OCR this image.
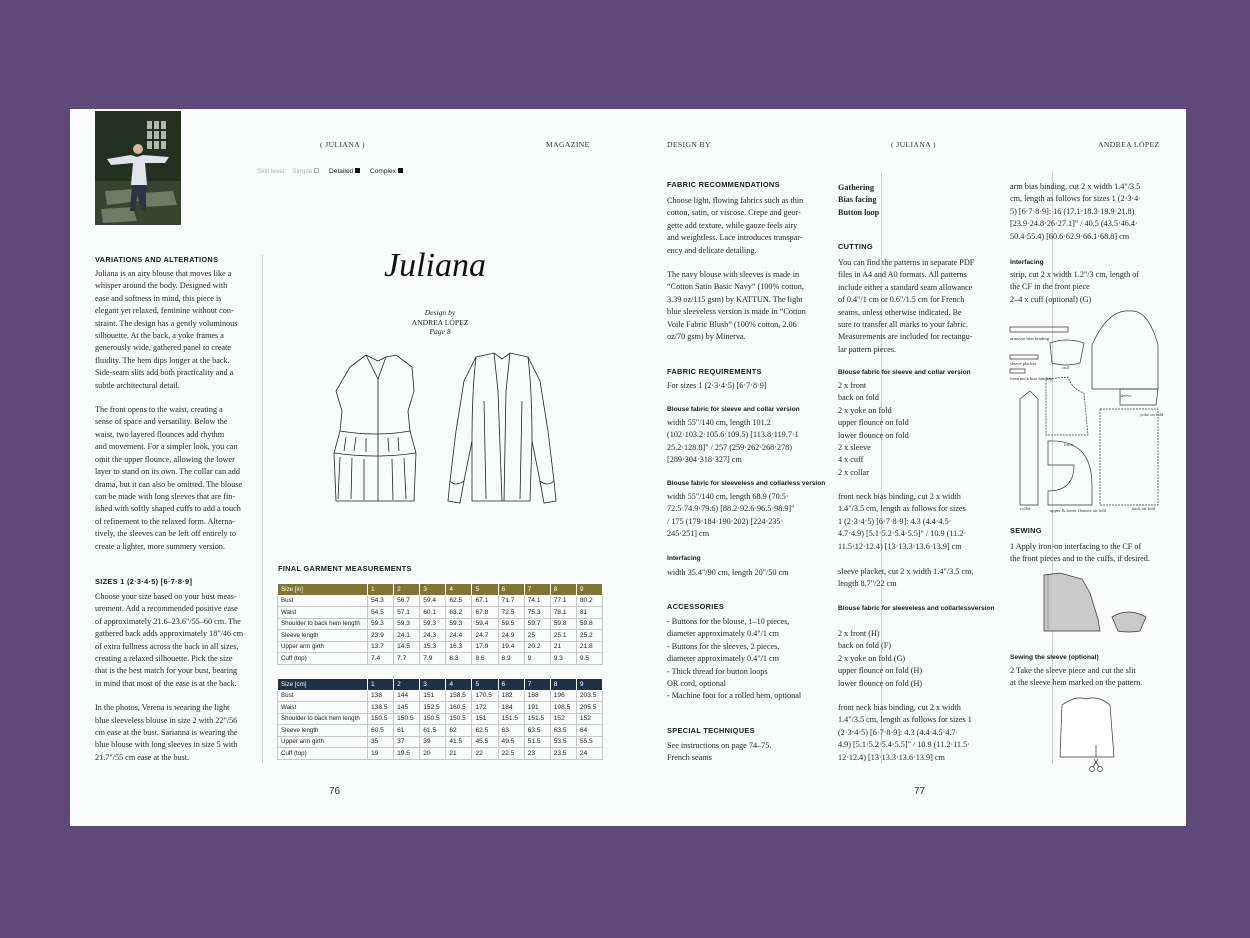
( JULIANA )	MAGAZINE
Skill level: Simple	Detailed	Complex
VARIATIONS AND ALTERATIONS
Juliana is an airy blouse that moves like a
whisper around the body. Designed with
ease and softness in mind, this piece is
elegant yet relaxed, feminine without con-
straint. The design has a gently voluminous
silhouette. At the back, a yoke frames a
generously wide, gathered panel to create
fluidity. The hem dips longer at the back.
Side-seam slits add both practicality and a
subtle architectural detail.
The front opens to the waist, creating a
sense of space and versatility. Below the
waist, two layered flounces add rhythm
and movement. For a simpler look, you can
omit the upper flounce, allowing the lower
layer to stand on its own. The collar can add
drama, but it can also be omitted. The blouse
can be made with long sleeves that are fin-
ished with softly shaped cuffs to add a touch
of refinement to the relaxed form. Alterna-
tively, the sleeves can be left off entirely to
create a lighter, more summery version.
SIZES 1 (2·3·4·5) [6·7·8·9]
Choose your size based on your bust meas-
urement. Add a recommended positive ease
of approximately 21.6–23.6"/55–60 cm. The
gathered back adds approximately 18"/46 cm
of extra fullness across the back in all sizes,
creating a relaxed silhouette. Pick the size
that is the best match for your bust, bearing
in mind that most of the ease is at the back.
In the photos, Verena is wearing the light
blue sleeveless blouse in size 2 with 22"/56
cm ease at the bust. Sarianna is wearing the
blue blouse with long sleeves in size 5 with
21.7"/55 cm ease at the bust.
Juliana
Design by
ANDREA LÓPEZ
Page 8
FINAL GARMENT MEASUREMENTS
Size [in]	1	2	3	4	5	6	7	8	9
Bust	54.3	56.7	59.4	62.5	67.1	71.7	74.1	77.1	80.2
Waist	54.5	57.1	60.1	63.2	67.8	72.5	75.3	78.1	81
Shoulder to back hem length	59.3	59.3	59.3	59.3	59.4	59.5	59.7	59.8	59.8
Sleeve length	23.9	24.1	24.3	24.4	24.7	24.9	25	25.1	25.2
Upper arm girth	13.7	14.5	15.3	16.3	17.9	19.4	20.2	21	21.8
Cuff (top)	7.4	7.7	7.9	8.3	8.6	8.9	9	9.3	9.5
Size [cm]	1	2	3	4	5	6	7	8	9
Bust	138	144	151	158.5	170.5	182	188	196	203.5
Waist	138.5	145	152.5	160.5	172	184	191	198.5	205.5
Shoulder to back hem length	150.5	150.5	150.5	150.5	151	151.5	151.5	152	152
Sleeve length	60.5	61	61.5	62	62.5	63	63.5	63.5	64
Upper arm girth	35	37	39	41.5	45.5	49.5	51.5	53.5	55.5
Cuff (top)	19	19.5	20	21	22	22.5	23	23.5	24
76
DESIGN BY	( JULIANA )	ANDREA LÓPEZ
FABRIC RECOMMENDATIONS
Choose light, flowing fabrics such as thin
cotton, satin, or viscose. Crepe and geor-
gette add texture, while gauze feels airy
and weightless. Lace introduces transpar-
ency and delicate detailing.
The navy blouse with sleeves is made in
“Cotton Satin Basic Navy” (100% cotton,
3.39 oz/115 gsm) by KATTUN. The light
blue sleeveless version is made in “Cotton
Voile Fabric Blush” (100% cotton, 2.06
oz/70 gsm) by Minerva.
FABRIC REQUIREMENTS
For sizes 1 (2·3·4·5) [6·7·8·9]
Blouse fabric for sleeve and collar version
width 55"/140 cm, length 101.2
(102·103.2·105.6·109.5) [113.8·119.7·1
25.2·128.8]" / 257 (259·262·268·278)
[289·304·318·327] cm
Blouse fabric for sleeveless and collarless version
width 55"/140 cm, length 68.9 (70.5·
72.5·74.9·79.6) [88.2·92.6·96.5·98.9]"
/ 175 (179·184·190·202) [224·235·
245·251] cm
Interfacing
width 35.4"/90 cm, length 20"/50 cm
ACCESSORIES
- Buttons for the blouse, 1–10 pieces,
diameter approximately 0.4"/1 cm
- Buttons for the sleeves, 2 pieces,
diameter approximately 0.4"/1 cm
- Thick thread for button loops
OR cord, optional
- Machine foot for a rolled hem, optional
SPECIAL TECHNIQUES
See instructions on page 74–75.
French seams
Gathering
Bias facing
Button loop
CUTTING
You can find the patterns in separate PDF
files in A4 and A0 formats. All patterns
include either a standard seam allowance
of 0.4"/1 cm or 0.6"/1.5 cm for French
seams, unless otherwise indicated. Be
sure to transfer all marks to your fabric.
Measurements are included for rectangu-
lar pattern pieces.
Blouse fabric for sleeve and collar version
2 x front
back on fold
2 x yoke on fold
upper flounce on fold
lower flounce on fold
2 x sleeve
4 x cuff
2 x collar
front neck bias binding, cut 2 x width
1.4"/3.5 cm, length as follows for sizes
1 (2·3·4·5) [6·7·8·9]: 4.3 (4.4·4.5·
4.7·4.9) [5.1·5.2·5.4·5.5]" / 10.9 (11.2·
11.5·12·12.4) [13·13.3·13.6·13.9] cm
sleeve placket, cut 2 x width 1.4"/3.5 cm,
length 8.7"/22 cm
Blouse fabric for sleeveless and collarlessversion
2 x front (H)
back on fold (F)
2 x yoke on fold (G)
upper flounce on fold (H)
lower flounce on fold (H)
front neck bias binding, cut 2 x width
1.4"/3.5 cm, length as follows for sizes 1
(2·3·4·5) [6·7·8·9]: 4.3 (4.4·4.5·4.7·
4.9) [5.1·5.2·5.4·5.5]" / 10.9 (11.2·11.5·
12·12.4) [13·13.3·13.6·13.9] cm
arm bias binding, cut 2 x width 1.4"/3.5
cm, length as follows for sizes 1 (2·3·4·
5) [6·7·8·9]: 16 (17.1·18.3·19.9·21.8)
[23.9·24.8·26·27.1]" / 40.5 (43.5·46.4·
50.4·55.4) [60.6·62.9·66.1·68.8] cm
Interfacing
strip, cut 2 x width 1.2"/3 cm, length of
the CF in the front piece
2–4 x cuff (optional) (G)
armscye bias binding
sleeve placket
cuff
front neck bias binding
sleeve
yoke on fold
front
collar	upper & lower flounce on fold	back on fold
SEWING
1 Apply iron-on interfacing to the CF of
the front pieces and to the cuffs, if desired.
Sewing the sleeve (optional)
2 Take the sleeve piece and cut the slit
at the sleeve hem marked on the pattern.
77
